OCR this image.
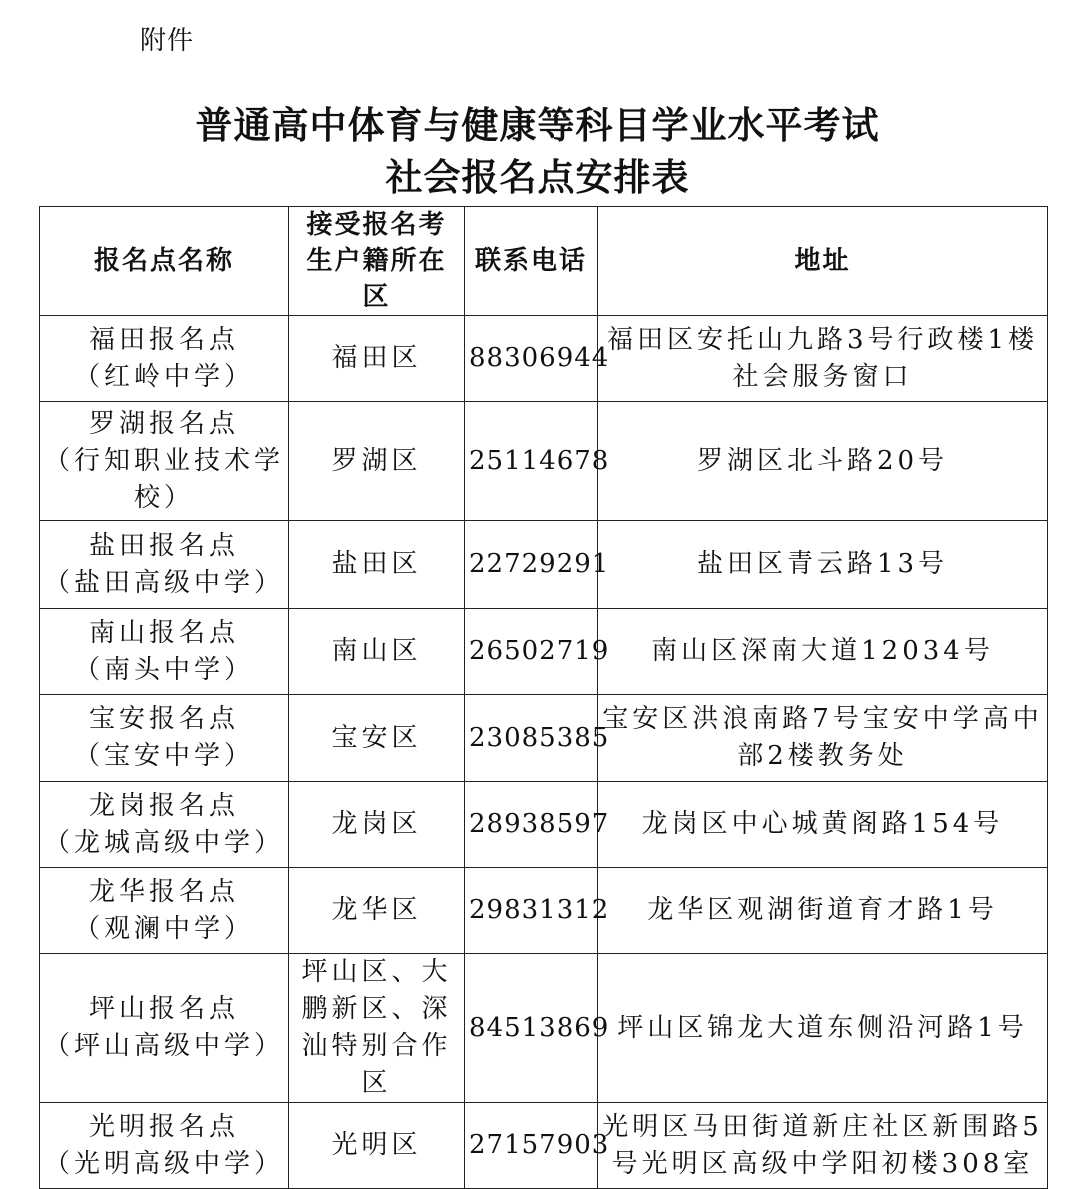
附件
普通高中体育与健康等科目学业水平考试
社会报名点安排表
报名点名称	接受报名考生户籍所在区	联系电话	地址

福田报名点
（红岭中学）	福田区	88306944	福田区安托山九路3号行政楼1楼社会服务窗口

罗湖报名点
（行知职业技术学校）	罗湖区	25114678	罗湖区北斗路20号

盐田报名点
（盐田高级中学）	盐田区	22729291	盐田区青云路13号

南山报名点
（南头中学）	南山区	26502719	南山区深南大道12034号

宝安报名点
（宝安中学）	宝安区	23085385	宝安区洪浪南路7号宝安中学高中部2楼教务处

龙岗报名点
（龙城高级中学）	龙岗区	28938597	龙岗区中心城黄阁路154号

龙华报名点
（观澜中学）	龙华区	29831312	龙华区观湖街道育才路1号

坪山报名点
（坪山高级中学）	坪山区、大鹏新区、深汕特别合作区	84513869	坪山区锦龙大道东侧沿河路1号

光明报名点
（光明高级中学）	光明区	27157903	光明区马田街道新庄社区新围路5号光明区高级中学阳初楼308室
